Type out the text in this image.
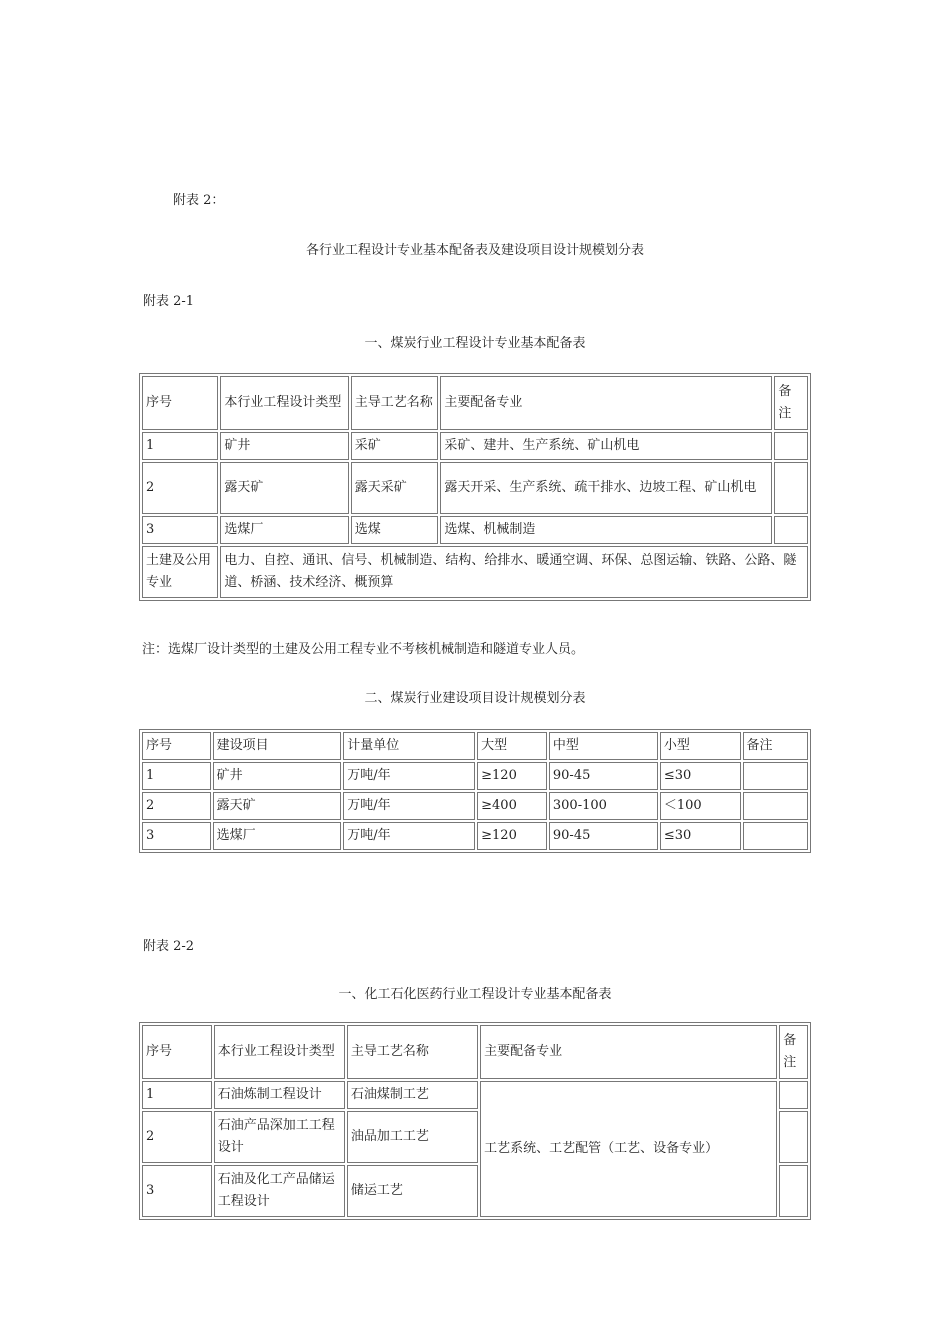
附表 2：
各行业工程设计专业基本配备表及建设项目设计规模划分表
附表 2-1
一、煤炭行业工程设计专业基本配备表
序号	本行业工程设计类型	主导工艺名称	主要配备专业	备注
1	矿井	采矿	采矿、建井、生产系统、矿山机电	
2	露天矿	露天采矿	露天开采、生产系统、疏干排水、边坡工程、矿山机电	
3	选煤厂	选煤	选煤、机械制造	
土建及公用专业	电力、自控、通讯、信号、机械制造、结构、给排水、暖通空调、环保、总图运输、铁路、公路、隧道、桥涵、技术经济、概预算			
注：选煤厂设计类型的土建及公用工程专业不考核机械制造和隧道专业人员。
二、煤炭行业建设项目设计规模划分表
序号	建设项目	计量单位	大型	中型	小型	备注
1	矿井	万吨/年	≥120	90-45	≤30	
2	露天矿	万吨/年	≥400	300-100	＜100	
3	选煤厂	万吨/年	≥120	90-45	≤30	
附表 2-2
一、化工石化医药行业工程设计专业基本配备表
序号	本行业工程设计类型	主导工艺名称	主要配备专业	备注
1	石油炼制工程设计	石油煤制工艺	工艺系统、工艺配管（工艺、设备专业）	
2	石油产品深加工工程设计	油品加工工艺		
3	石油及化工产品储运工程设计	储运工艺		
